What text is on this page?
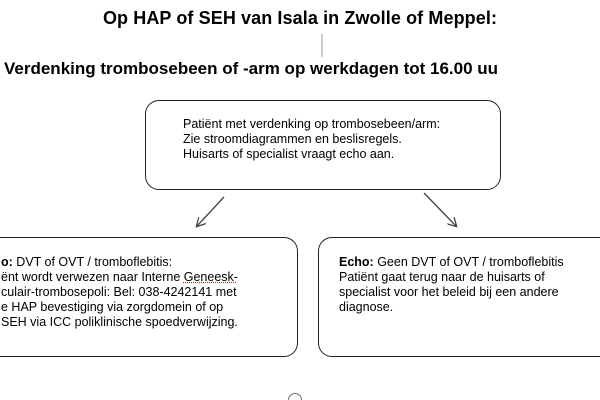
Op HAP of SEH van Isala in Zwolle of Meppel:
Verdenking trombosebeen of -arm op werkdagen tot 16.00 uu
Patiënt met verdenking op trombosebeen/arm:
Zie stroomdiagrammen en beslisregels.
Huisarts of specialist vraagt echo aan.
o: DVT of OVT / tromboflebitis:
ënt wordt verwezen naar Interne Geneesk-
culair-trombosepoli: Bel: 038-4242141 met
e HAP bevestiging via zorgdomein of op
SEH via ICC poliklinische spoedverwijzing.
Echo: Geen DVT of OVT / tromboflebitis
Patiënt gaat terug naar de huisarts of
specialist voor het beleid bij een andere
diagnose.
